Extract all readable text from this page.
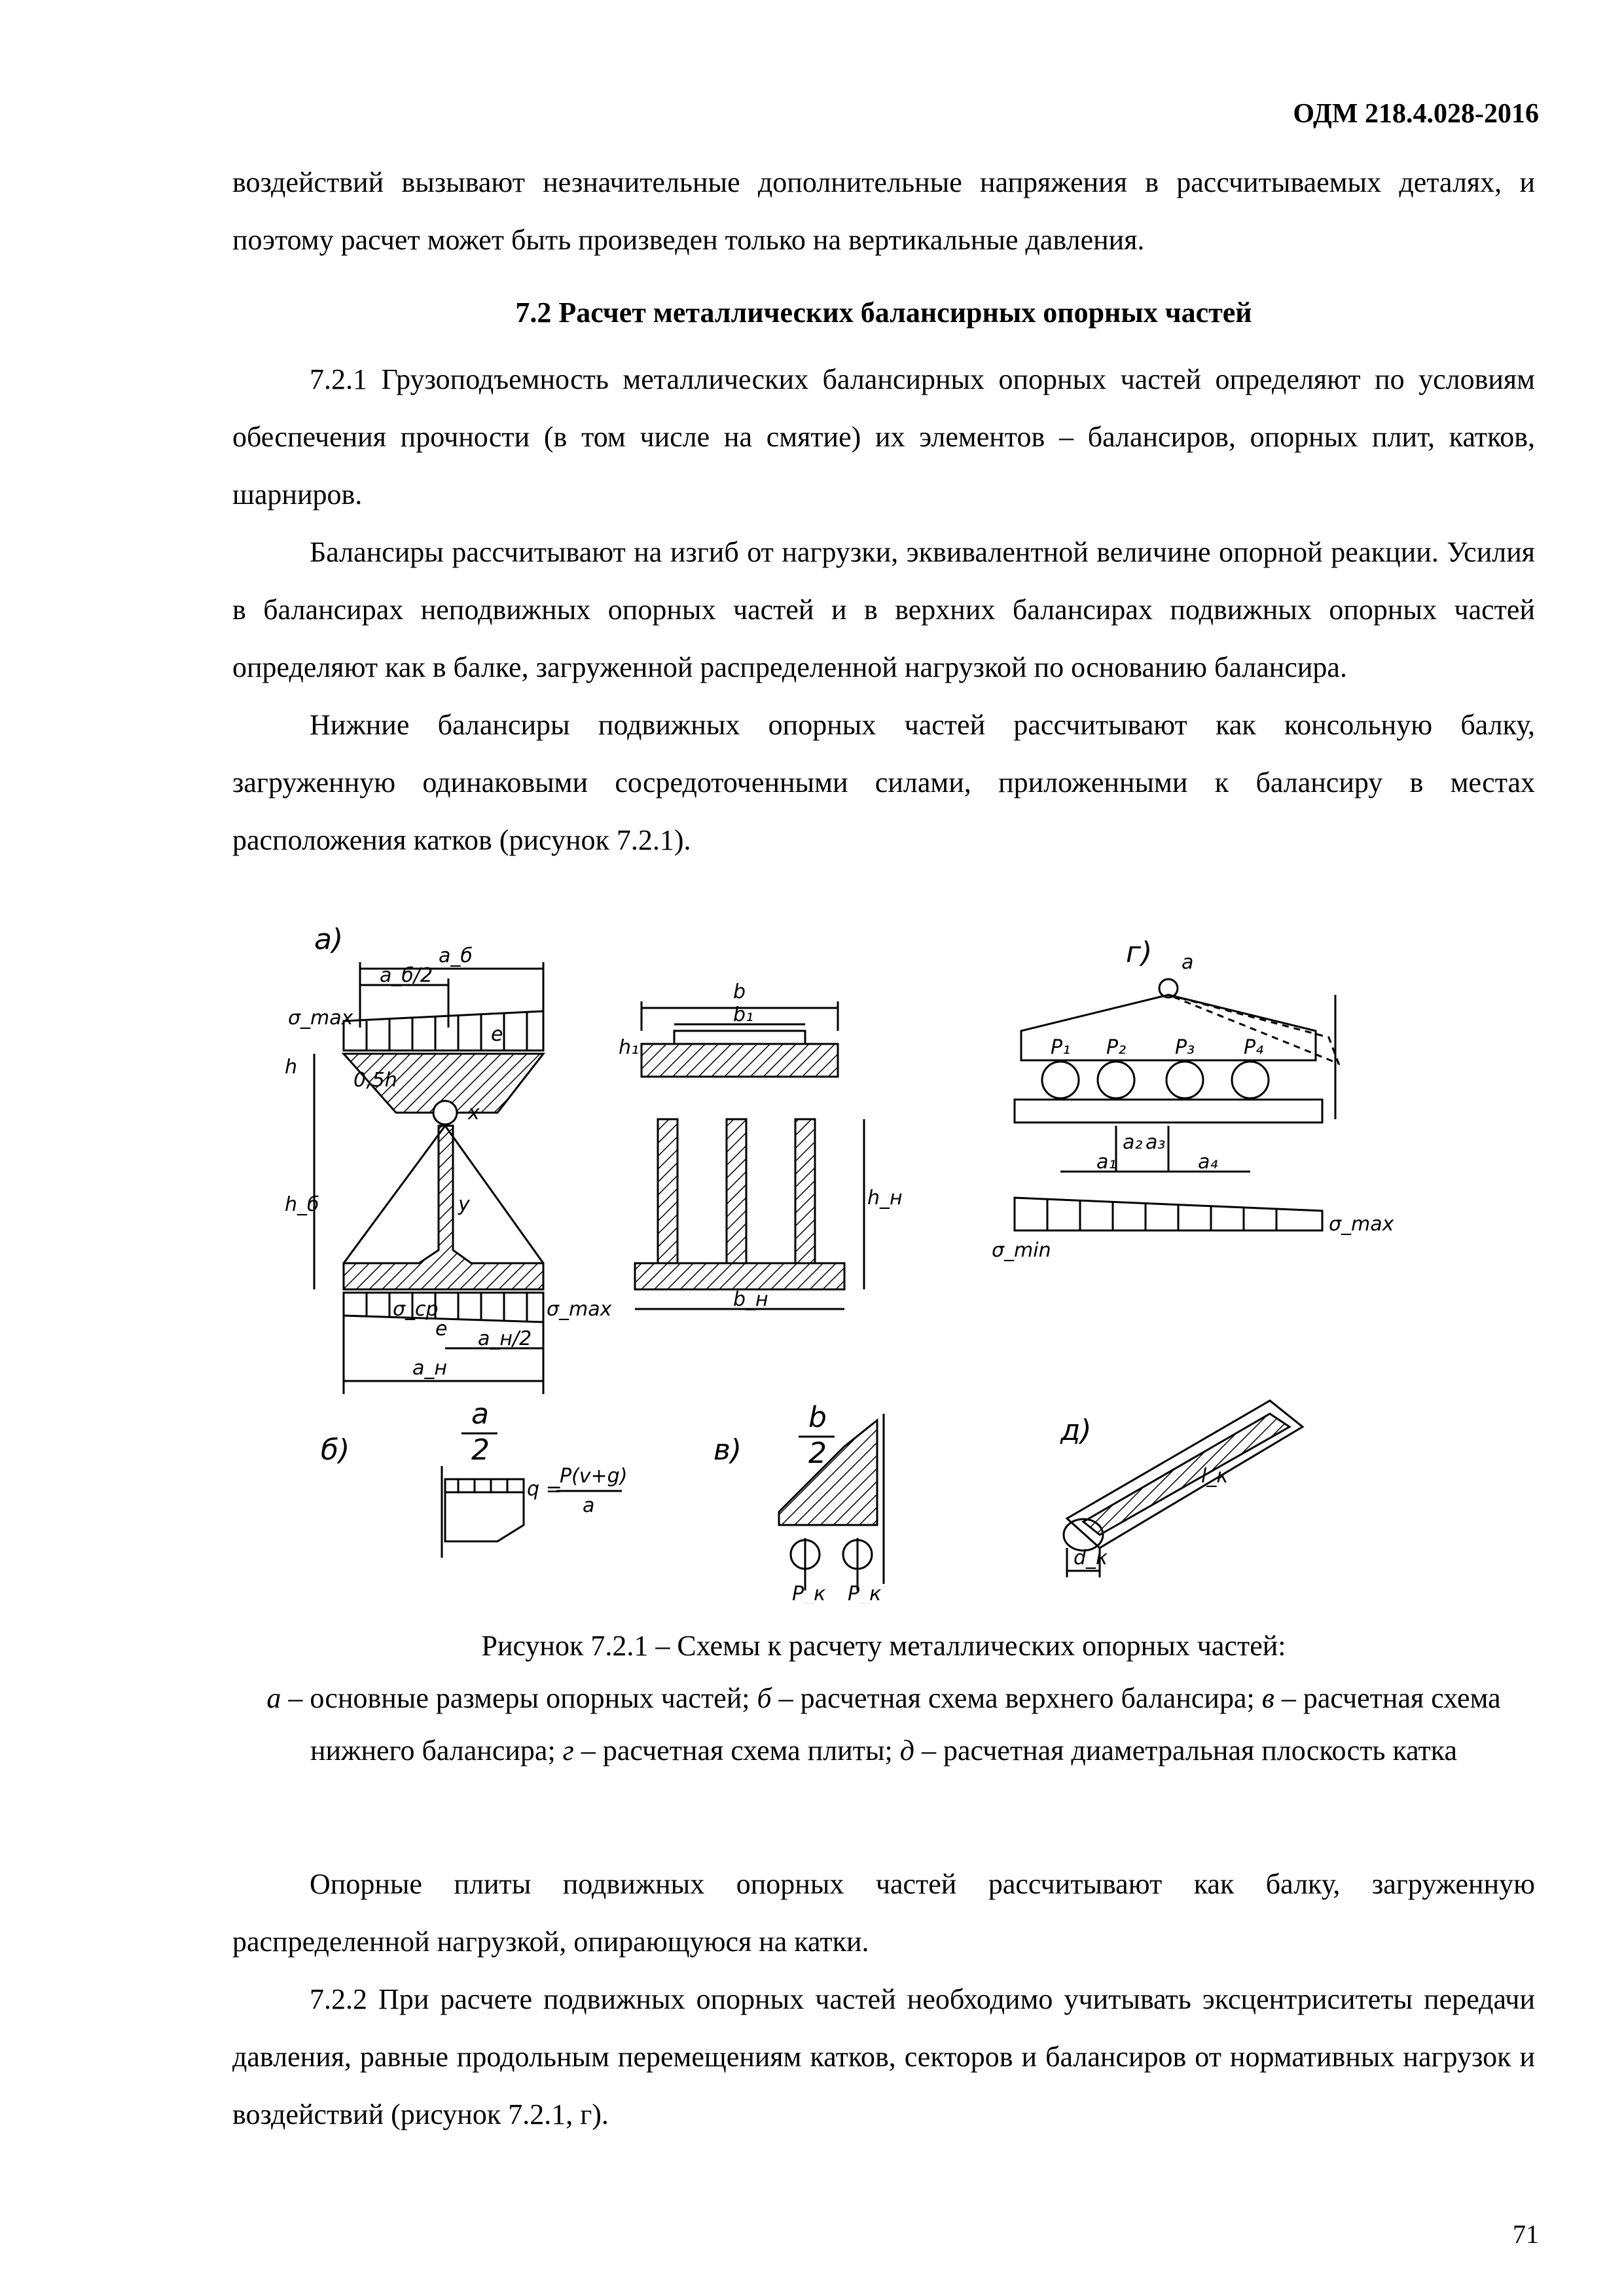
ОДМ 218.4.028-2016

воздействий вызывают незначительные дополнительные напряжения в рассчитываемых деталях, и поэтому расчет может быть произведен только на вертикальные давления.

7.2 Расчет металлических балансирных опорных частей

7.2.1 Грузоподъемность металлических балансирных опорных частей определяют по условиям обеспечения прочности (в том числе на смятие) их элементов – балансиров, опорных плит, катков, шарниров.

Балансиры рассчитывают на изгиб от нагрузки, эквивалентной величине опорной реакции. Усилия в балансирах неподвижных опорных частей и в верхних балансирах подвижных опорных частей определяют как в балке, загруженной распределенной нагрузкой по основанию балансира.

Нижние балансиры подвижных опорных частей рассчитывают как консольную балку, загруженную одинаковыми сосредоточенными силами, приложенными к балансиру в местах расположения катков (рисунок 7.2.1).

а)	a_б
a_б/2
σ_max
0,5h
e
x
h
h_б	y
σ_ср	σ_max
e a_н/2
a_н
b
b₁
h₁
h_н
b_н
г) a
P₁ P₂ P₃ P₄
a₂ a₃
a₁	a₄
σ_min
σ_max
б)
a
2
q =
P(v+g)
a
в)
b
2
P_к P_к
д)
d_к
l_к
Рисунок 7.2.1 – Схемы к расчету металлических опорных частей:
а – основные размеры опорных частей; б – расчетная схема верхнего балансира; в – расчетная схема нижнего балансира; г – расчетная схема плиты; д – расчетная диаметральная плоскость катка

Опорные плиты подвижных опорных частей рассчитывают как балку, загруженную распределенной нагрузкой, опирающуюся на катки.

7.2.2 При расчете подвижных опорных частей необходимо учитывать эксцентриситеты передачи давления, равные продольным перемещениям катков, секторов и балансиров от нормативных нагрузок и воздействий (рисунок 7.2.1, г).

71
